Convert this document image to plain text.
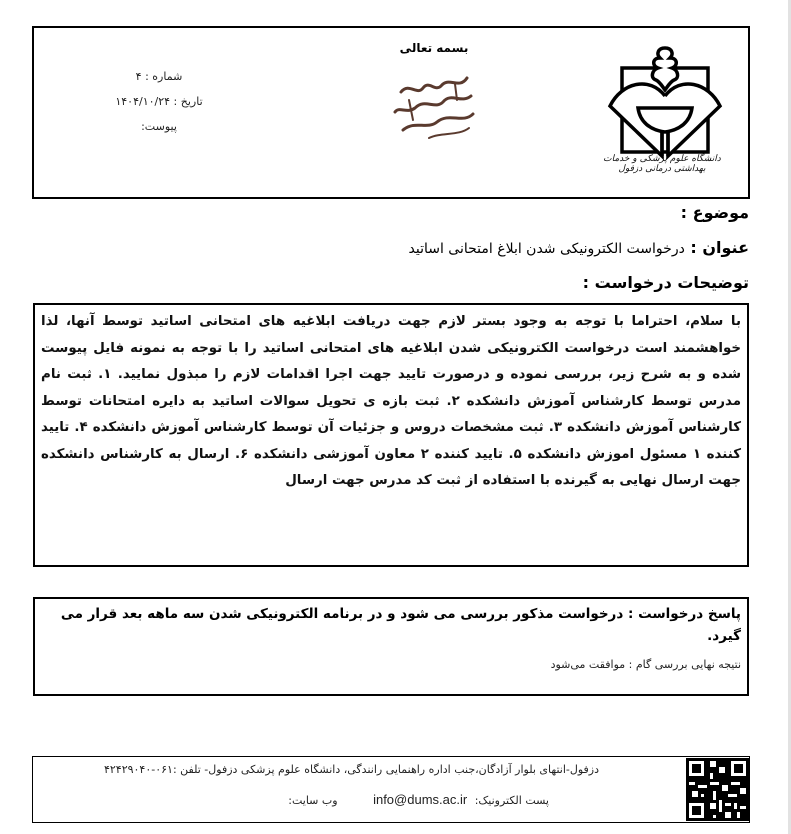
شماره : ۴
تاریخ : ۱۴۰۴/۱۰/۲۴
پیوست:
بسمه تعالی
دانشگاه علوم پزشکی و خدمات بهداشتی درمانی دزفول
موضوع :
عنوان : درخواست الکترونیکی شدن ابلاغ امتحانی اساتید
توضیحات درخواست :
با سلام، احتراما با توجه به وجود بستر لازم جهت دریافت ابلاغیه های امتحانی اساتید توسط آنها، لذا خواهشمند است درخواست الکترونیکی شدن ابلاغیه های امتحانی اساتید را با توجه به نمونه فایل پیوست شده و به شرح زیر، بررسی نموده و درصورت تایید جهت اجرا اقدامات لازم را مبذول نمایید. ۱. ثبت نام مدرس توسط کارشناس آموزش دانشکده ۲. ثبت بازه ی تحویل سوالات اساتید به دایره امتحانات توسط کارشناس آموزش دانشکده ۳. ثبت مشخصات دروس و جزئیات آن توسط کارشناس آموزش دانشکده ۴. تایید کننده ۱ مسئول اموزش دانشکده ۵. تایید کننده ۲ معاون آموزشی دانشکده ۶. ارسال به کارشناس دانشکده جهت ارسال نهایی به گیرنده با استفاده از ثبت کد مدرس جهت ارسال
پاسخ درخواست : درخواست مذکور بررسی می شود و در برنامه الکترونیکی شدن سه ماهه بعد قرار می گیرد.
نتیجه نهایی بررسی گام : موافقت می‌شود
دزفول-انتهای بلوار آزادگان،جنب اداره راهنمایی رانندگی، دانشگاه علوم پزشکی دزفول- تلفن :۰۶۱-۴۲۴۲۹۰۴۰
پست الکترونیک: info@dums.ac.ir وب سایت:
